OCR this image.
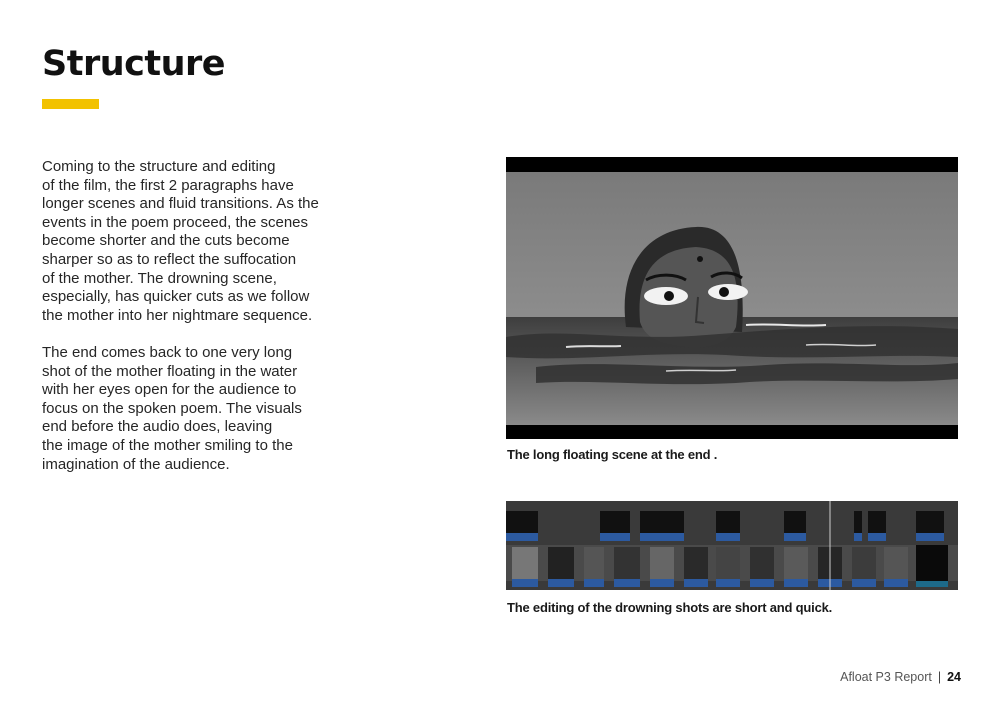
Structure

Coming to the structure and editing
of the film, the first 2 paragraphs have
longer scenes and fluid transitions. As the
events in the poem proceed, the scenes
become shorter and the cuts become
sharper so as to reflect the suffocation
of the mother. The drowning scene,
especially, has quicker cuts as we follow
the mother into her nightmare sequence.

The end comes back to one very long
shot of the mother floating in the water
with her eyes open for the audience to
focus on the spoken poem. The visuals
end before the audio does, leaving
the image of the mother smiling to the
imagination of the audience.

The long floating scene at the end .
The editing of the drowning shots are short and quick.
Afloat P3 Report | 24
